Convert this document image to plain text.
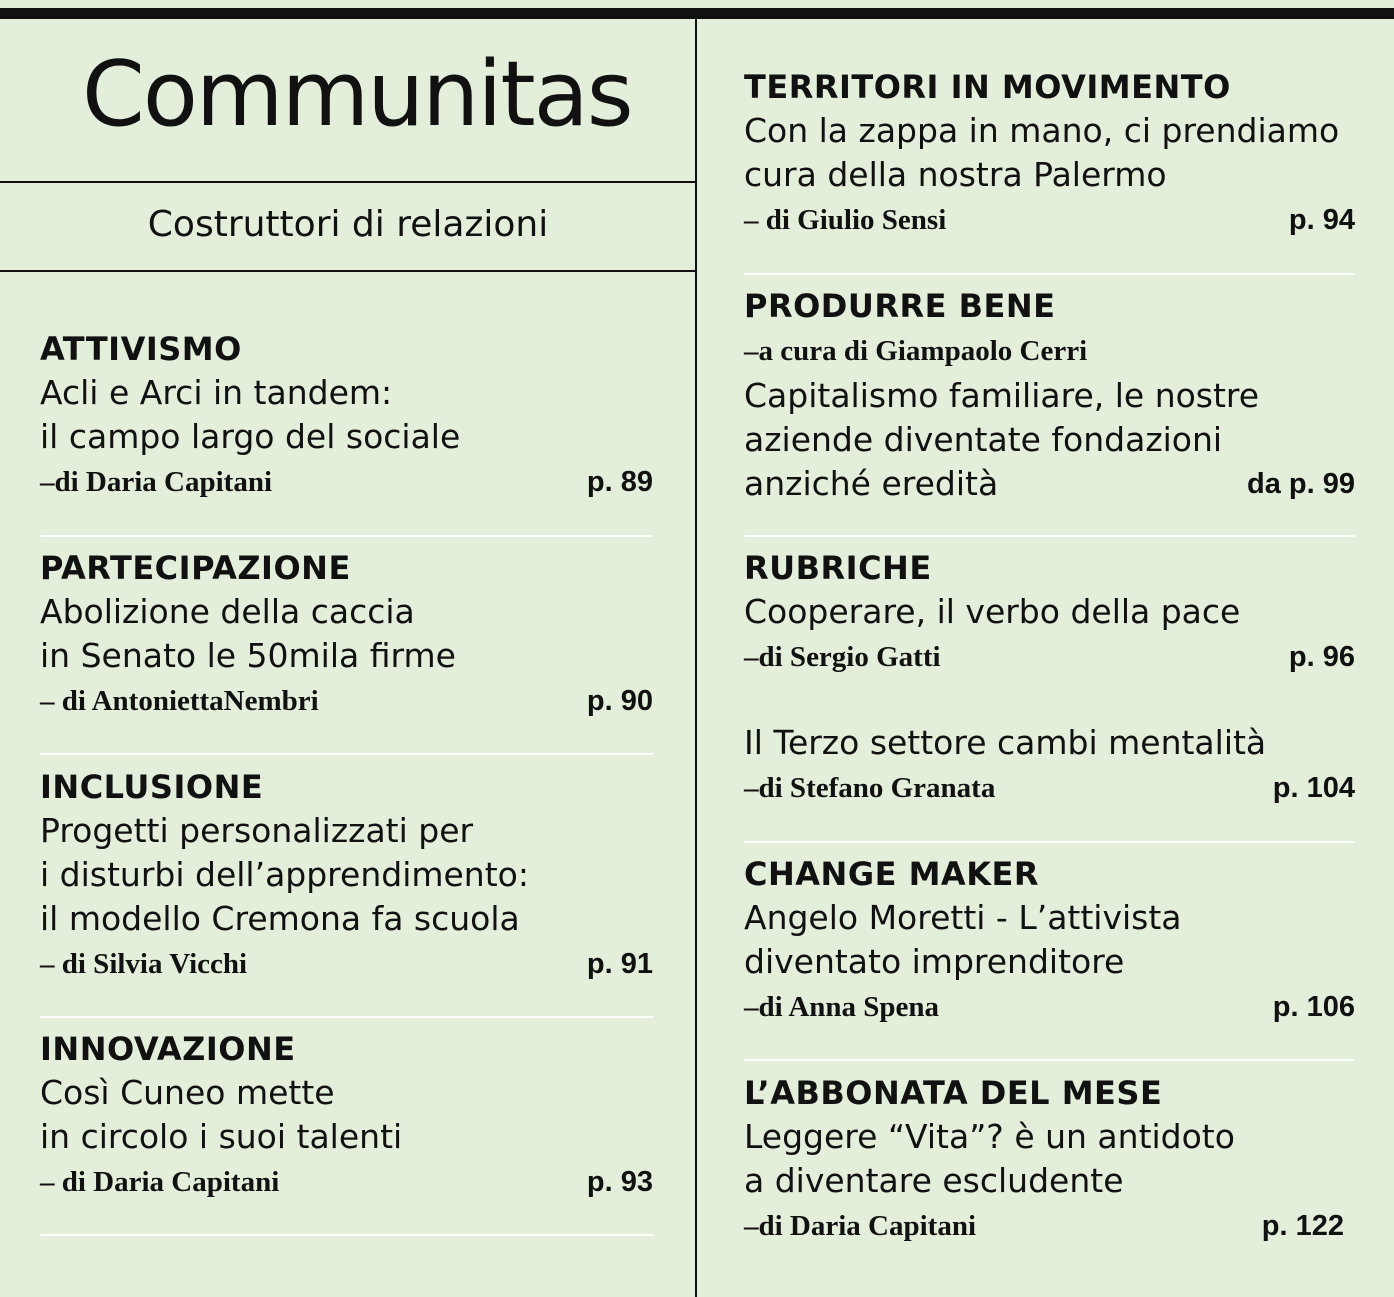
Communitas
Costruttori di relazioni
ATTIVISMO
Acli e Arci in tandem:
il campo largo del sociale
–di Daria Capitani	p. 89
PARTECIPAZIONE
Abolizione della caccia
in Senato le 50mila firme
– di AntoniettaNembri	p. 90
INCLUSIONE
Progetti personalizzati per
i disturbi dell’apprendimento:
il modello Cremona fa scuola
– di Silvia Vicchi	p. 91
INNOVAZIONE
Così Cuneo mette
in circolo i suoi talenti
– di Daria Capitani	p. 93
TERRITORI IN MOVIMENTO
Con la zappa in mano, ci prendiamo
cura della nostra Palermo
– di Giulio Sensi	p. 94
PRODURRE BENE
–a cura di Giampaolo Cerri
Capitalismo familiare, le nostre
aziende diventate fondazioni
anziché eredità	da p. 99
RUBRICHE
Cooperare, il verbo della pace
–di Sergio Gatti	p. 96
Il Terzo settore cambi mentalità
–di Stefano Granata	p. 104
CHANGE MAKER
Angelo Moretti - L’attivista
diventato imprenditore
–di Anna Spena	p. 106
L’ABBONATA DEL MESE
Leggere “Vita”? è un antidoto
a diventare escludente
–di Daria Capitani	p. 122
